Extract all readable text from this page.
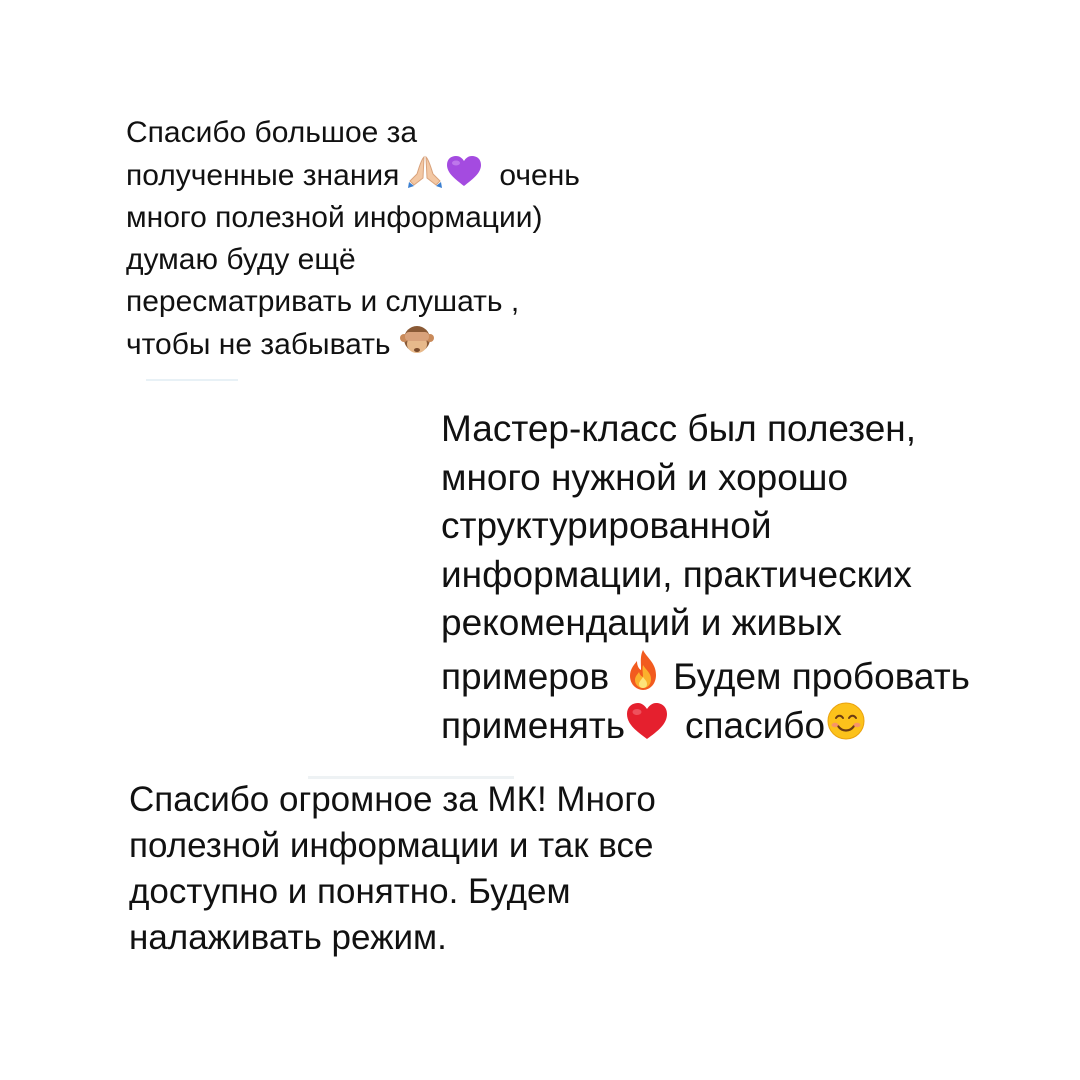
Спасибо большое за
полученные знания	очень
много полезной информации)
думаю буду ещё
пересматривать и слушать ,
чтобы не забывать
Мастер-класс был полезен,
много нужной и хорошо
структурированной
информации, практических
рекомендаций и живых
примеров Будем пробовать
применять спасибо
Спасибо огромное за МК! Много
полезной информации и так все
доступно и понятно. Будем
налаживать режим.
